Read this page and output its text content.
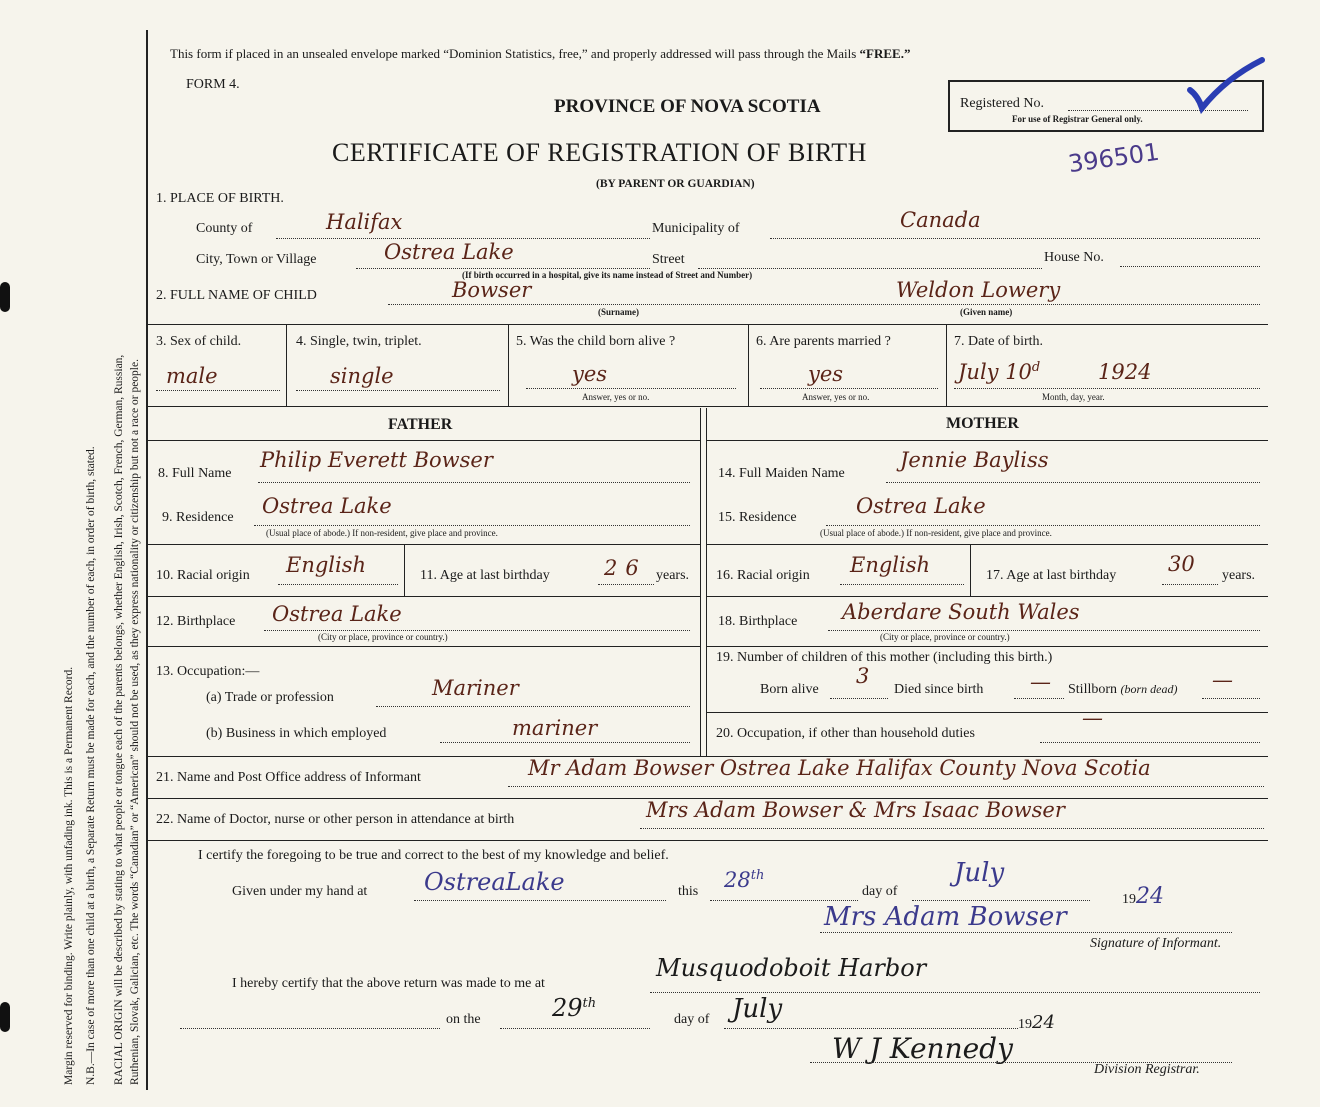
Margin reserved for binding. Write plainly, with unfading ink. This is a Permanent Record. N.B.—In case of more than one child at a birth, a Separate Return must be made for each, and the number of each, in order of birth, stated. RACIAL ORIGIN will be described by stating to what people or tongue each of the parents belongs, whether English, Irish, Scotch, French, German, Russian, Ruthenian, Slovak, Galician, etc. The words “Canadian” or “American” should not be used, as they express nationality or citizenship but not a race or people.
This form if placed in an unsealed envelope marked “Dominion Statistics, free,” and properly addressed will pass through the Mails “FREE.”
FORM 4.
PROVINCE OF NOVA SCOTIA
CERTIFICATE OF REGISTRATION OF BIRTH
(BY PARENT OR GUARDIAN)
Registered No.
For use of Registrar General only.
396501
1. PLACE OF BIRTH.
County of	Halifax	Municipality of	Canada
City, Town or Village	Ostrea Lake	Street	House No.
(If birth occurred in a hospital, give its name instead of Street and Number)
2. FULL NAME OF CHILD	Bowser	Weldon Lowery
(Surname)	(Given name)
3. Sex of child.
male
4. Single, twin, triplet.
single
5. Was the child born alive ?
yes
Answer, yes or no.
6. Are parents married ?
yes
Answer, yes or no.
7. Date of birth.
July 10$^d$	1924
Month, day, year.
FATHER	MOTHER
8. Full Name
Philip Everett Bowser
9. Residence Ostrea Lake
(Usual place of abode.) If non-resident, give place and province.
10. Racial origin English	11. Age at last birthday	26 years.
12. Birthplace Ostrea Lake
(City or place, province or country.)
13. Occupation:—
(a) Trade or profession	Mariner
(b) Business in which employed	mariner
14. Full Maiden Name
Jennie Bayliss
15. Residence	Ostrea Lake
(Usual place of abode.) If non-resident, give place and province.
16. Racial origin English	17. Age at last birthday 30 years.
18. Birthplace Aberdare South Wales
(City or place, province or country.)
19. Number of children of this mother (including this birth.)
Born alive
3
Died since birth — Stillborn (born dead) —
20. Occupation, if other than household duties
—
21. Name and Post Office address of Informant	Mr Adam Bowser Ostrea Lake Halifax County Nova Scotia
22. Name of Doctor, nurse or other person in attendance at birth	Mrs Adam Bowser & Mrs Isaac Bowser
I certify the foregoing to be true and correct to the best of my knowledge and belief.
Given under my hand at OstreaLake	this 28th
day of
July
1924
Mrs Adam Bowser
Signature of Informant.
I hereby certify that the above return was made to me at
Musquodoboit Harbor
on the	29th
day of July
1924
W J Kennedy
Division Registrar.
